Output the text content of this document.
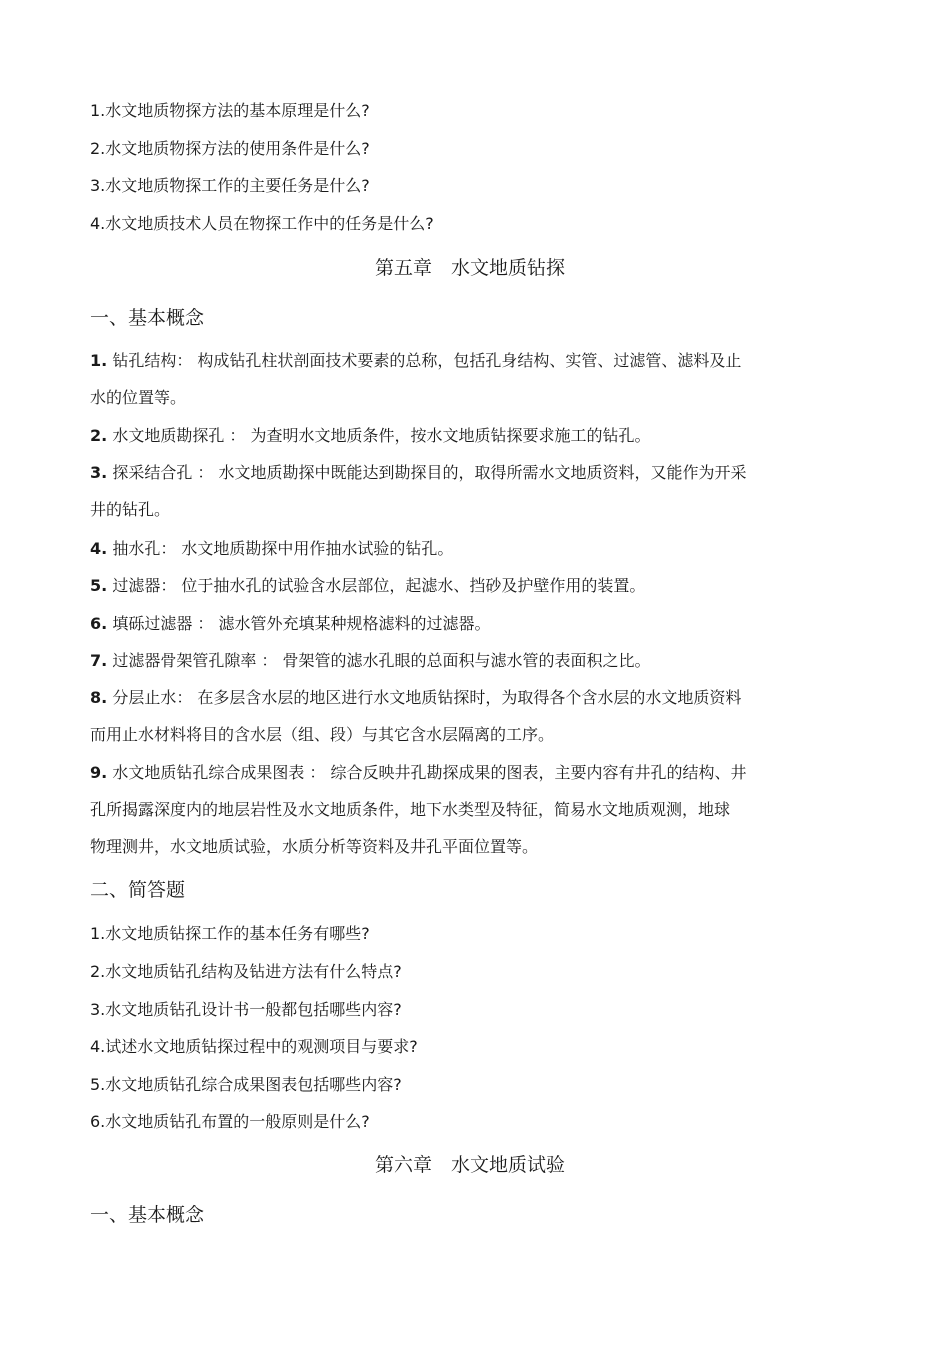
1.水文地质物探方法的基本原理是什么?
2.水文地质物探方法的使用条件是什么?
3.水文地质物探工作的主要任务是什么?
4.水文地质技术人员在物探工作中的任务是什么?
第五章　水文地质钻探
一、基本概念
1. 钻孔结构： 构成钻孔柱状剖面技术要素的总称，包括孔身结构、实管、过滤管、滤料及止
水的位置等。
2. 水文地质勘探孔 ： 为查明水文地质条件，按水文地质钻探要求施工的钻孔。
3. 探采结合孔 ： 水文地质勘探中既能达到勘探目的，取得所需水文地质资料，又能作为开采
井的钻孔。
4. 抽水孔： 水文地质勘探中用作抽水试验的钻孔。
5. 过滤器： 位于抽水孔的试验含水层部位，起滤水、挡砂及护壁作用的装置。
6. 填砾过滤器 ： 滤水管外充填某种规格滤料的过滤器。
7. 过滤器骨架管孔隙率 ： 骨架管的滤水孔眼的总面积与滤水管的表面积之比。
8. 分层止水： 在多层含水层的地区进行水文地质钻探时，为取得各个含水层的水文地质资料
而用止水材料将目的含水层（组、段）与其它含水层隔离的工序。
9. 水文地质钻孔综合成果图表 ： 综合反映井孔勘探成果的图表，主要内容有井孔的结构、井
孔所揭露深度内的地层岩性及水文地质条件，地下水类型及特征，简易水文地质观测，地球
物理测井，水文地质试验，水质分析等资料及井孔平面位置等。
二、简答题
1.水文地质钻探工作的基本任务有哪些?
2.水文地质钻孔结构及钻进方法有什么特点?
3.水文地质钻孔设计书一般都包括哪些内容?
4.试述水文地质钻探过程中的观测项目与要求?
5.水文地质钻孔综合成果图表包括哪些内容?
6.水文地质钻孔布置的一般原则是什么?
第六章　水文地质试验
一、基本概念
